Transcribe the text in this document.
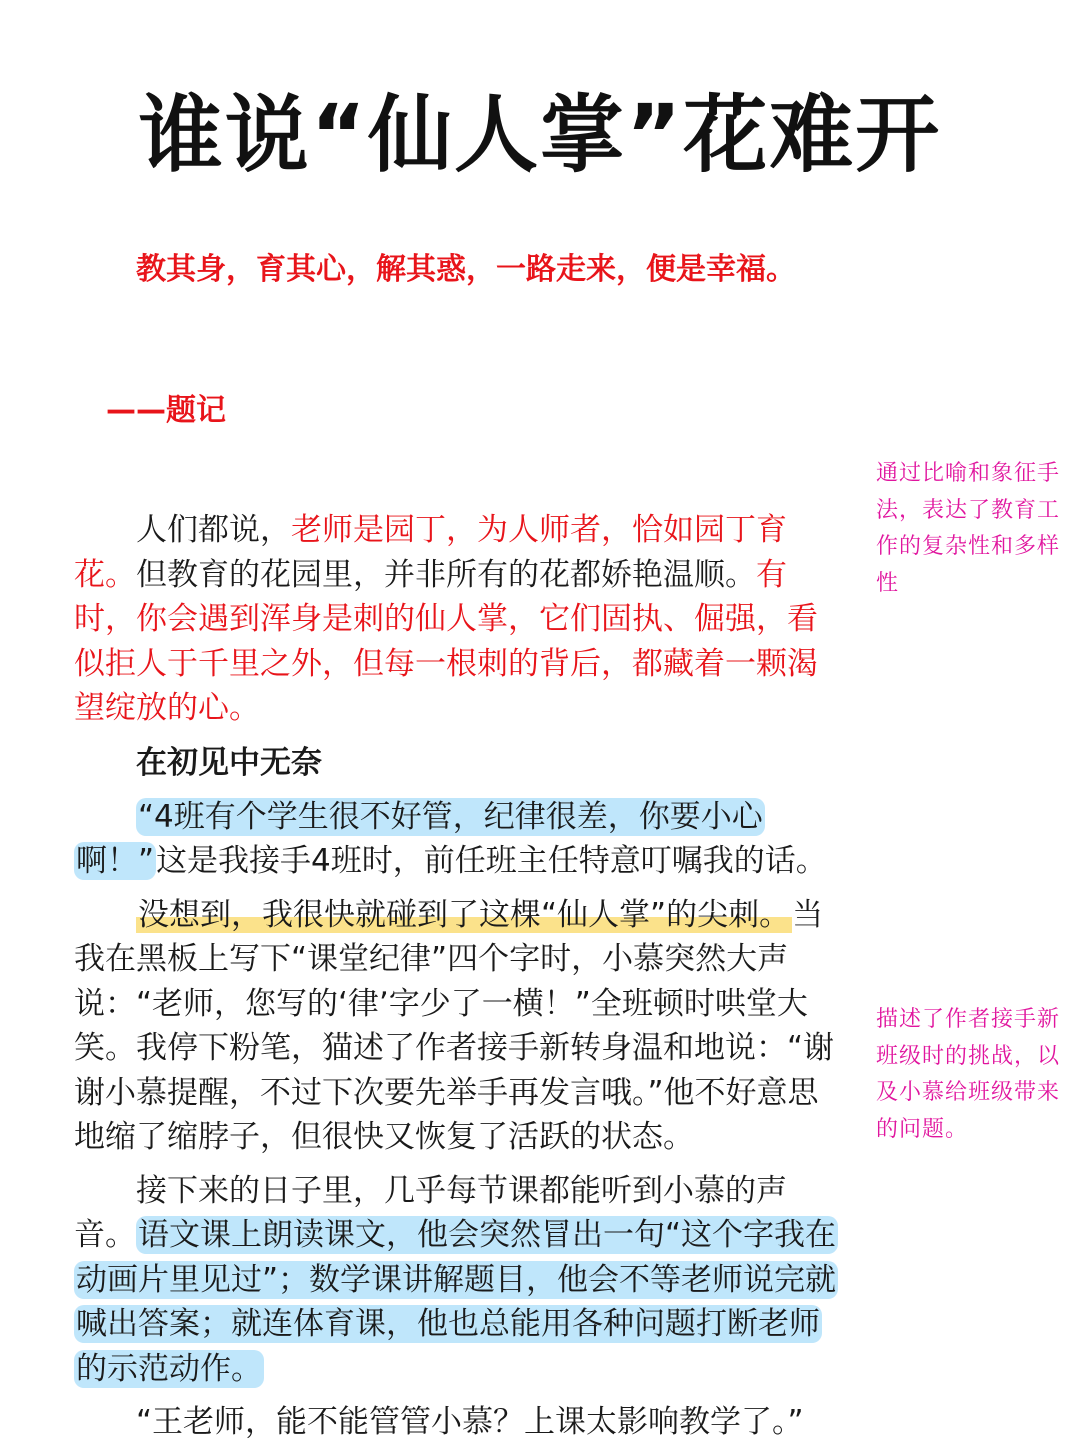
谁说“仙人掌”花难开
教其身，育其心，解其惑，一路走来，便是幸福。
——题记

人们都说，老师是园丁，为人师者，恰如园丁育花。但教育的花园里，并非所有的花都娇艳温顺。有时，你会遇到浑身是刺的仙人掌，它们固执、倔强，看似拒人于千里之外，但每一根刺的背后，都藏着一颗渴望绽放的心。

在初见中无奈

“4班有个学生很不好管，纪律很差，你要小心啊！”这是我接手4班时，前任班主任特意叮嘱我的话。

没想到，我很快就碰到了这棵“仙人掌”的尖刺。当我在黑板上写下“课堂纪律”四个字时，小慕突然大声说：“老师，您写的‘律’字少了一横！”全班顿时哄堂大笑。我停下粉笔，猫述了作者接手新转身温和地说：“谢谢小慕提醒，不过下次要先举手再发言哦。”他不好意思地缩了缩脖子，但很快又恢复了活跃的状态。

接下来的日子里，几乎每节课都能听到小慕的声音。语文课上朗读课文，他会突然冒出一句“这个字我在动画片里见过”；数学课讲解题目，他会不等老师说完就喊出答案；就连体育课，他也总能用各种问题打断老师的示范动作。

“王老师，能不能管管小慕？上课太影响教学了。”

通过比喻和象征手法，表达了教育工作的复杂性和多样性
描述了作者接手新班级时的挑战，以及小慕给班级带来的问题。
